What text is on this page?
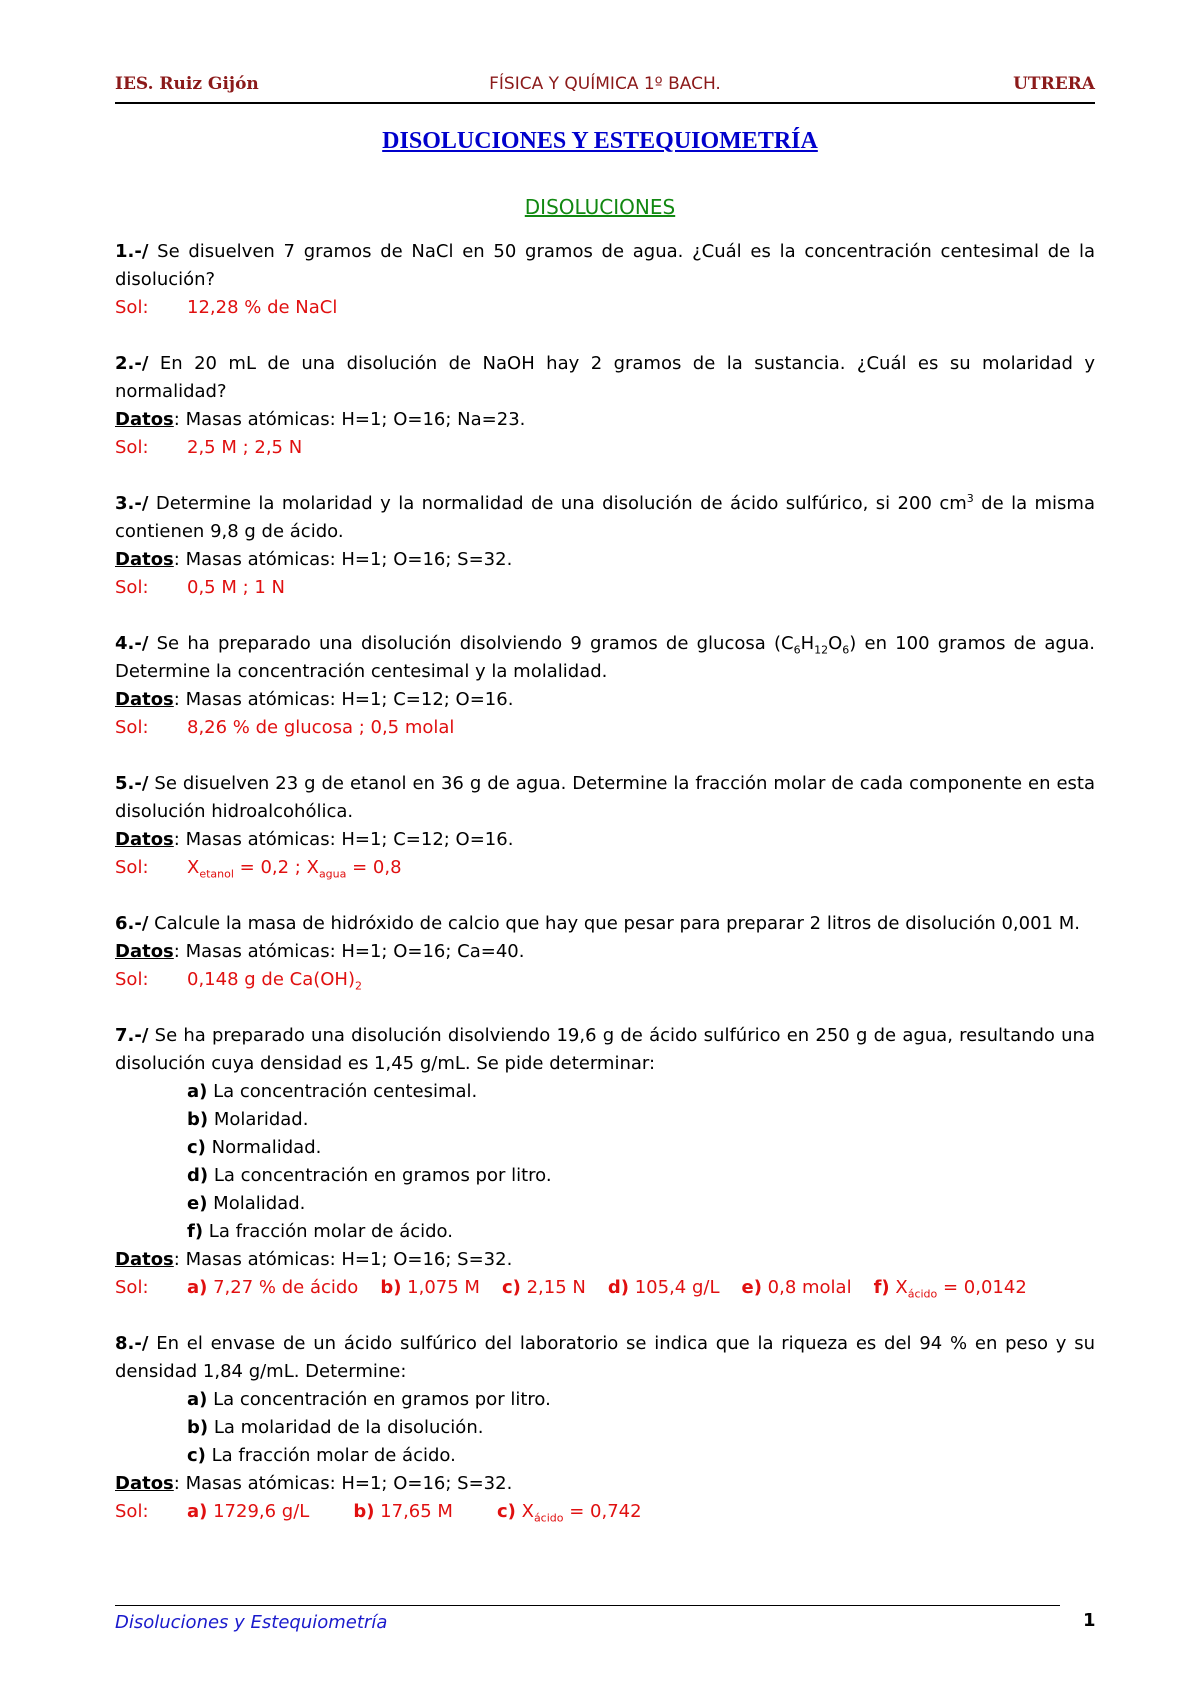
IES. Ruiz Gijón	FÍSICA Y QUÍMICA 1º BACH.	UTRERA
DISOLUCIONES Y ESTEQUIOMETRÍA
DISOLUCIONES

1.-/ Se disuelven 7 gramos de NaCl en 50 gramos de agua. ¿Cuál es la concentración centesimal de la disolución?

Sol: 12,28 % de NaCl

2.-/ En 20 mL de una disolución de NaOH hay 2 gramos de la sustancia. ¿Cuál es su molaridad y normalidad?

Datos: Masas atómicas: H=1; O=16; Na=23.

Sol: 2,5 M ; 2,5 N

3.-/ Determine la molaridad y la normalidad de una disolución de ácido sulfúrico, si 200 $cm^3$ de la misma contienen 9,8 g de ácido.

Datos: Masas atómicas: H=1; O=16; S=32.

Sol: 0,5 M ; 1 N

4.-/ Se ha preparado una disolución disolviendo 9 gramos de glucosa $(C_6H_{12}O_6)$ en 100 gramos de agua. Determine la concentración centesimal y la molalidad.

Datos: Masas atómicas: H=1; C=12; O=16.

Sol: 8,26 % de glucosa ; 0,5 molal

5.-/ Se disuelven 23 g de etanol en 36 g de agua. Determine la fracción molar de cada componente en esta disolución hidroalcohólica.

Datos: Masas atómicas: H=1; C=12; O=16.

Sol: $X_{etanol} = 0,2$ ; $X_{agua} = 0,8$

6.-/ Calcule la masa de hidróxido de calcio que hay que pesar para preparar 2 litros de disolución 0,001 M.

Datos: Masas atómicas: H=1; O=16; Ca=40.

Sol: 0,148 g de $Ca(OH)_2$

7.-/ Se ha preparado una disolución disolviendo 19,6 g de ácido sulfúrico en 250 g de agua, resultando una disolución cuya densidad es 1,45 g/mL. Se pide determinar:

a) La concentración centesimal.

b) Molaridad.

c) Normalidad.

d) La concentración en gramos por litro.

e) Molalidad.

f) La fracción molar de ácido.

Datos: Masas atómicas: H=1; O=16; S=32.

Sol: a) 7,27 % de ácido b) 1,075 M c) 2,15 N d) 105,4 g/L e) 0,8 molal f) $X_{ácido} = 0,0142$

8.-/ En el envase de un ácido sulfúrico del laboratorio se indica que la riqueza es del 94 % en peso y su densidad 1,84 g/mL. Determine:

a) La concentración en gramos por litro.

b) La molaridad de la disolución.

c) La fracción molar de ácido.

Datos: Masas atómicas: H=1; O=16; S=32.

Sol: a) 1729,6 g/L b) 17,65 M c) $X_{ácido} = 0,742$

Disoluciones y Estequiometría	1
